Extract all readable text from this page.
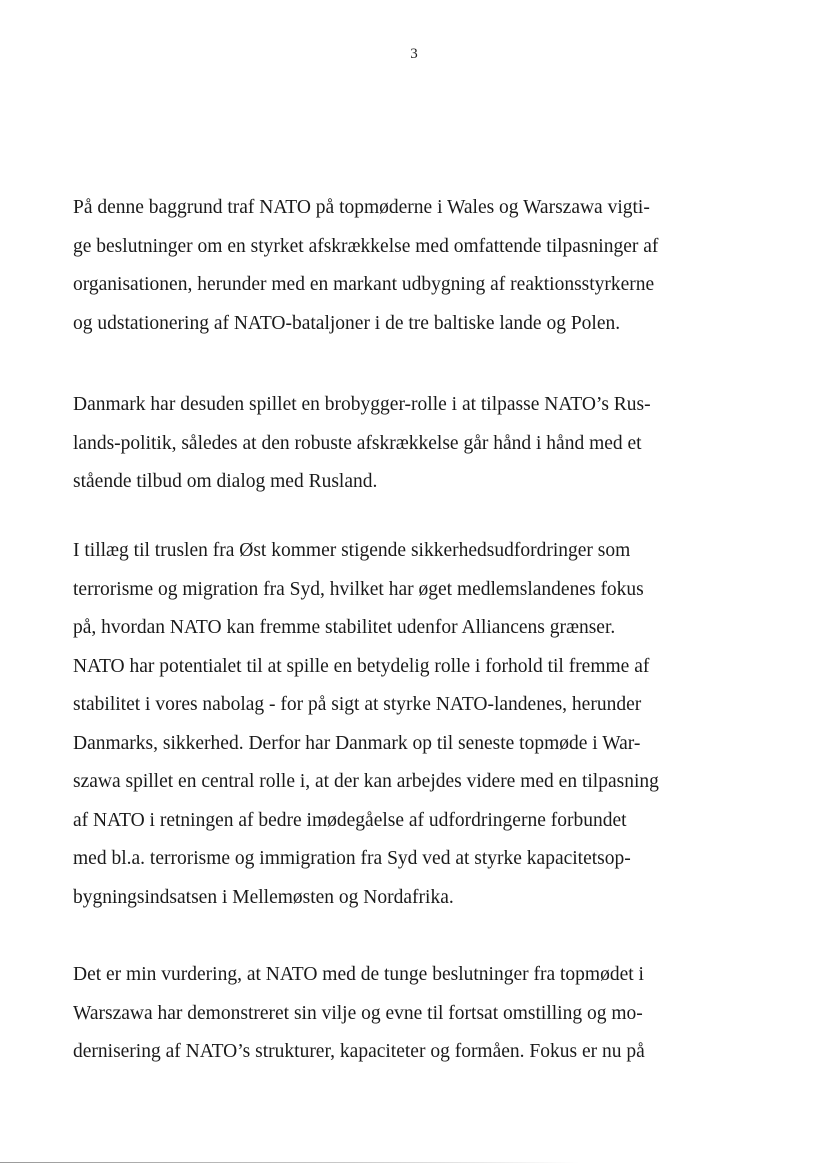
3

På denne baggrund traf NATO på topmøderne i Wales og Warszawa vigti-
ge beslutninger om en styrket afskrækkelse med omfattende tilpasninger af
organisationen, herunder med en markant udbygning af reaktionsstyrkerne
og udstationering af NATO-bataljoner i de tre baltiske lande og Polen.

Danmark har desuden spillet en brobygger-rolle i at tilpasse NATO’s Rus-
lands-politik, således at den robuste afskrækkelse går hånd i hånd med et
stående tilbud om dialog med Rusland.

I tillæg til truslen fra Øst kommer stigende sikkerhedsudfordringer som
terrorisme og migration fra Syd, hvilket har øget medlemslandenes fokus
på, hvordan NATO kan fremme stabilitet udenfor Alliancens grænser.
NATO har potentialet til at spille en betydelig rolle i forhold til fremme af
stabilitet i vores nabolag - for på sigt at styrke NATO-landenes, herunder
Danmarks, sikkerhed. Derfor har Danmark op til seneste topmøde i War-
szawa spillet en central rolle i, at der kan arbejdes videre med en tilpasning
af NATO i retningen af bedre imødegåelse af udfordringerne forbundet
med bl.a. terrorisme og immigration fra Syd ved at styrke kapacitetsop-
bygningsindsatsen i Mellemøsten og Nordafrika.

Det er min vurdering, at NATO med de tunge beslutninger fra topmødet i
Warszawa har demonstreret sin vilje og evne til fortsat omstilling og mo-
dernisering af NATO’s strukturer, kapaciteter og formåen. Fokus er nu på
